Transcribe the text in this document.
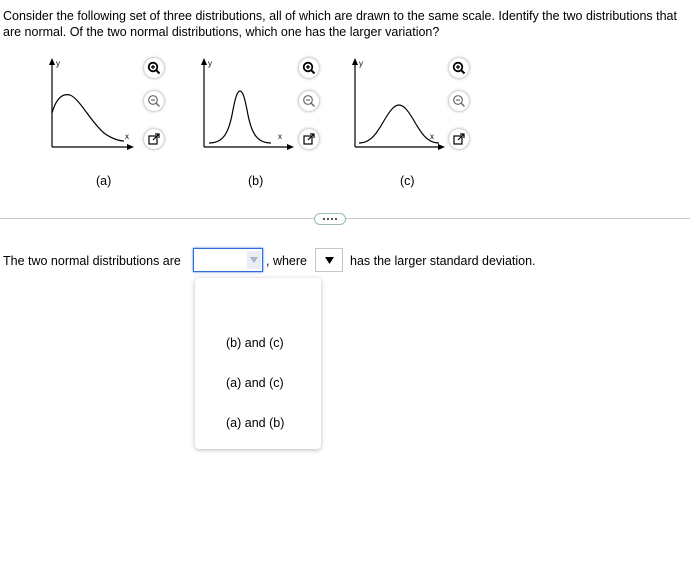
Consider the following set of three distributions, all of which are drawn to the same scale. Identify the two distributions that are normal. Of the two normal distributions, which one has the larger variation?
y
x
(a)
y
x
(b)
y
x
(c)
The two normal distributions are	, where	has the larger standard deviation.
(b) and (c)
(a) and (c)
(a) and (b)
